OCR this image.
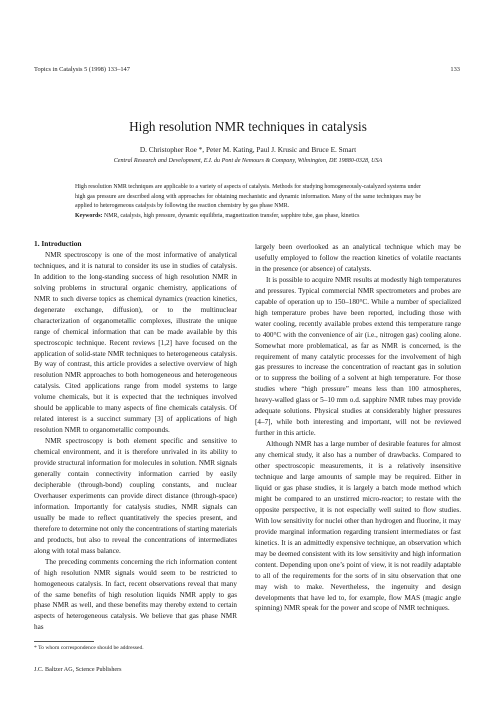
Topics in Catalysis 5 (1998) 133–147	133
High resolution NMR techniques in catalysis
D. Christopher Roe *, Peter M. Kating, Paul J. Krusic and Bruce E. Smart
Central Research and Development, E.I. du Pont de Nemours & Company, Wilmington, DE 19880-0328, USA
High resolution NMR techniques are applicable to a variety of aspects of catalysis. Methods for studying homogeneously-catalyzed systems under high gas pressure are described along with approaches for obtaining mechanistic and dynamic information. Many of the same techniques may be applied to heterogeneous catalysis by following the reaction chemistry by gas phase NMR.
Keywords: NMR, catalysis, high pressure, dynamic equilibria, magnetization transfer, sapphire tube, gas phase, kinetics

1. Introduction

NMR spectroscopy is one of the most informative of analytical techniques, and it is natural to consider its use in studies of catalysis. In addition to the long-standing success of high resolution NMR in solving problems in structural organic chemistry, applications of NMR to such diverse topics as chemical dynamics (reaction kinetics, degenerate exchange, diffusion), or to the multinuclear characterization of organometallic complexes, illustrate the unique range of chemical information that can be made available by this spectroscopic technique. Recent reviews [1,2] have focused on the application of solid-state NMR techniques to heterogeneous catalysis. By way of contrast, this article provides a selective overview of high resolution NMR approaches to both homogeneous and heterogeneous catalysis. Cited applications range from model systems to large volume chemicals, but it is expected that the techniques involved should be applicable to many aspects of fine chemicals catalysis. Of related interest is a succinct summary [3] of applications of high resolution NMR to organometallic compounds.

NMR spectroscopy is both element specific and sensitive to chemical environment, and it is therefore unrivaled in its ability to provide structural information for molecules in solution. NMR signals generally contain connectivity information carried by easily decipherable (through-bond) coupling constants, and nuclear Overhauser experiments can provide direct distance (through-space) information. Importantly for catalysis studies, NMR signals can usually be made to reflect quantitatively the species present, and therefore to determine not only the concentrations of starting materials and products, but also to reveal the concentrations of intermediates along with total mass balance.

The preceding comments concerning the rich information content of high resolution NMR signals would seem to be restricted to homogeneous catalysis. In fact, recent observations reveal that many of the same benefits of high resolution liquids NMR apply to gas phase NMR as well, and these benefits may thereby extend to certain aspects of heterogeneous catalysis. We believe that gas phase NMR has

largely been overlooked as an analytical technique which may be usefully employed to follow the reaction kinetics of volatile reactants in the presence (or absence) of catalysts.

It is possible to acquire NMR results at modestly high temperatures and pressures. Typical commercial NMR spectrometers and probes are capable of operation up to 150–180°C. While a number of specialized high temperature probes have been reported, including those with water cooling, recently available probes extend this temperature range to 400°C with the convenience of air (i.e., nitrogen gas) cooling alone. Somewhat more problematical, as far as NMR is concerned, is the requirement of many catalytic processes for the involvement of high gas pressures to increase the concentration of reactant gas in solution or to suppress the boiling of a solvent at high temperature. For those studies where “high pressure” means less than 100 atmospheres, heavy-walled glass or 5–10 mm o.d. sapphire NMR tubes may provide adequate solutions. Physical studies at considerably higher pressures [4–7], while both interesting and important, will not be reviewed further in this article.

Although NMR has a large number of desirable features for almost any chemical study, it also has a number of drawbacks. Compared to other spectroscopic measurements, it is a relatively insensitive technique and large amounts of sample may be required. Either in liquid or gas phase studies, it is largely a batch mode method which might be compared to an unstirred micro-reactor; to restate with the opposite perspective, it is not especially well suited to flow studies. With low sensitivity for nuclei other than hydrogen and fluorine, it may provide marginal information regarding transient intermediates or fast kinetics. It is an admittedly expensive technique, an observation which may be deemed consistent with its low sensitivity and high information content. Depending upon one’s point of view, it is not readily adaptable to all of the requirements for the sorts of in situ observation that one may wish to make. Nevertheless, the ingenuity and design developments that have led to, for example, flow MAS (magic angle spinning) NMR speak for the power and scope of NMR techniques.

* To whom correspondence should be addressed.
J.C. Baltzer AG, Science Publishers
